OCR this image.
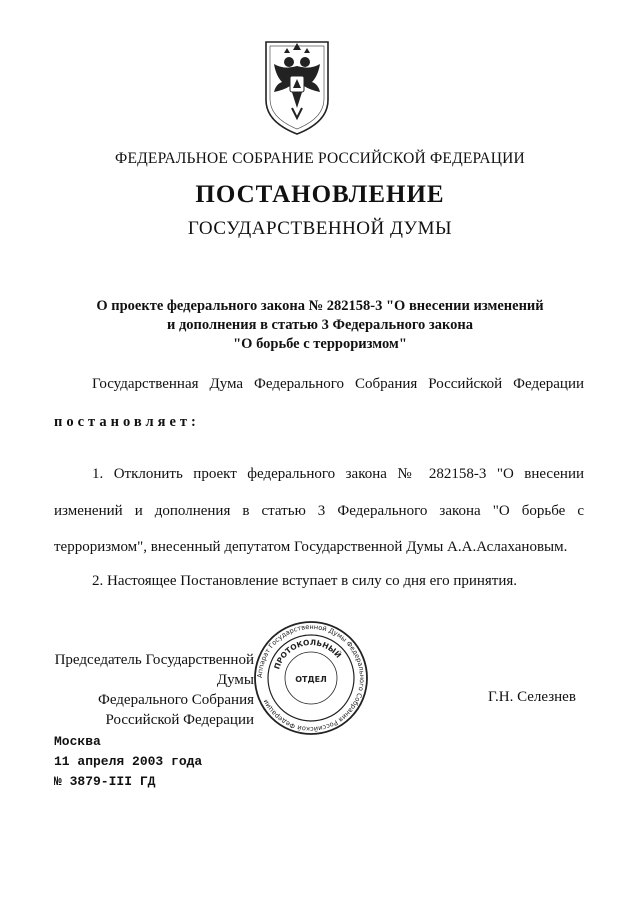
ФЕДЕРАЛЬНОЕ СОБРАНИЕ РОССИЙСКОЙ ФЕДЕРАЦИИ
ПОСТАНОВЛЕНИЕ
ГОСУДАРСТВЕННОЙ ДУМЫ
О проекте федерального закона № 282158-3 "О внесении изменений
и дополнения в статью 3 Федерального закона
"О борьбе с терроризмом"
Государственная Дума Федерального Собрания Российской Федерации
постановляет:
1. Отклонить проект федерального закона № 282158-3 "О внесении
изменений и дополнения в статью 3 Федерального закона "О борьбе с
терроризмом", внесенный депутатом Государственной Думы А.А.Аслахановым.
2. Настоящее Постановление вступает в силу со дня его принятия.
Председатель Государственной Думы
Федерального Собрания
Российской Федерации
Аппарат Государственной Думы Федерального Собрания Российской Федерации
ПРОТОКОЛЬНЫЙ
ОТДЕЛ
Г.Н. Селезнев
Москва
11 апреля 2003 года
№ 3879-III ГД
